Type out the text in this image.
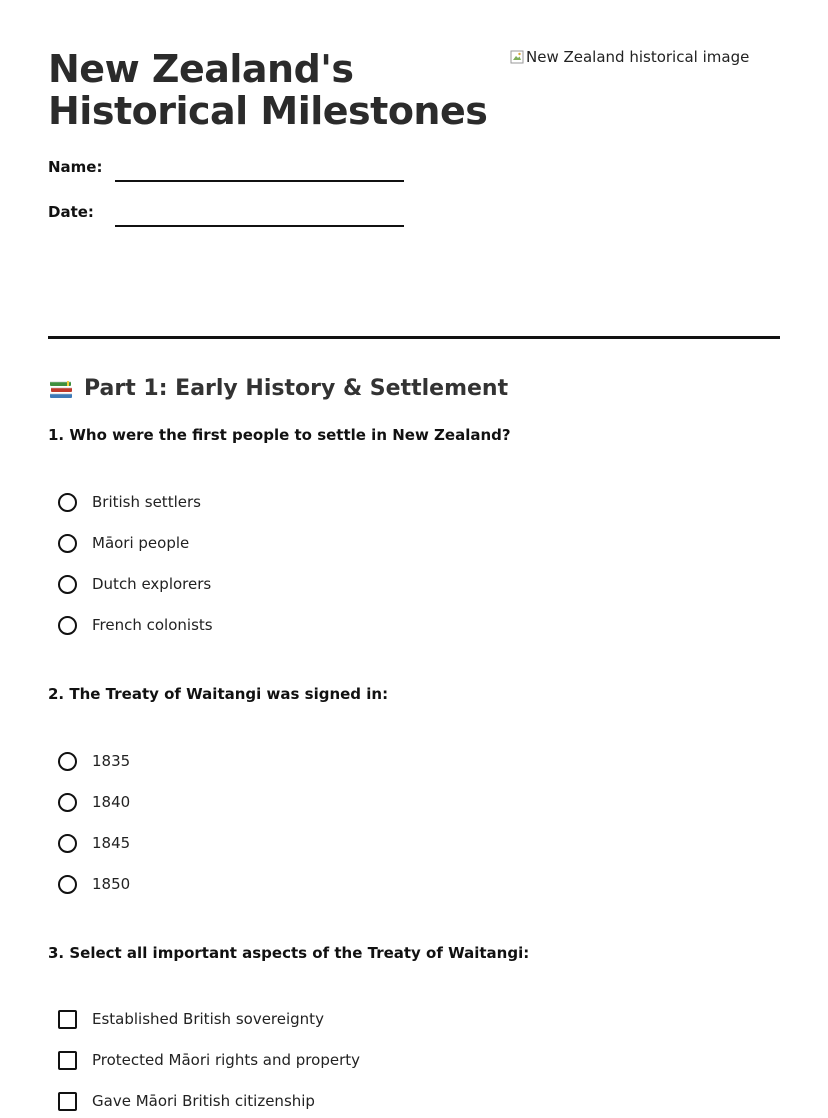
New Zealand's
Historical Milestones
New Zealand historical image
Name:
Date:
Part 1: Early History & Settlement

1. Who were the first people to settle in New Zealand?

British settlers
Māori people
Dutch explorers
French colonists

2. The Treaty of Waitangi was signed in:

1835
1840
1845
1850

3. Select all important aspects of the Treaty of Waitangi:

Established British sovereignty
Protected Māori rights and property
Gave Māori British citizenship
